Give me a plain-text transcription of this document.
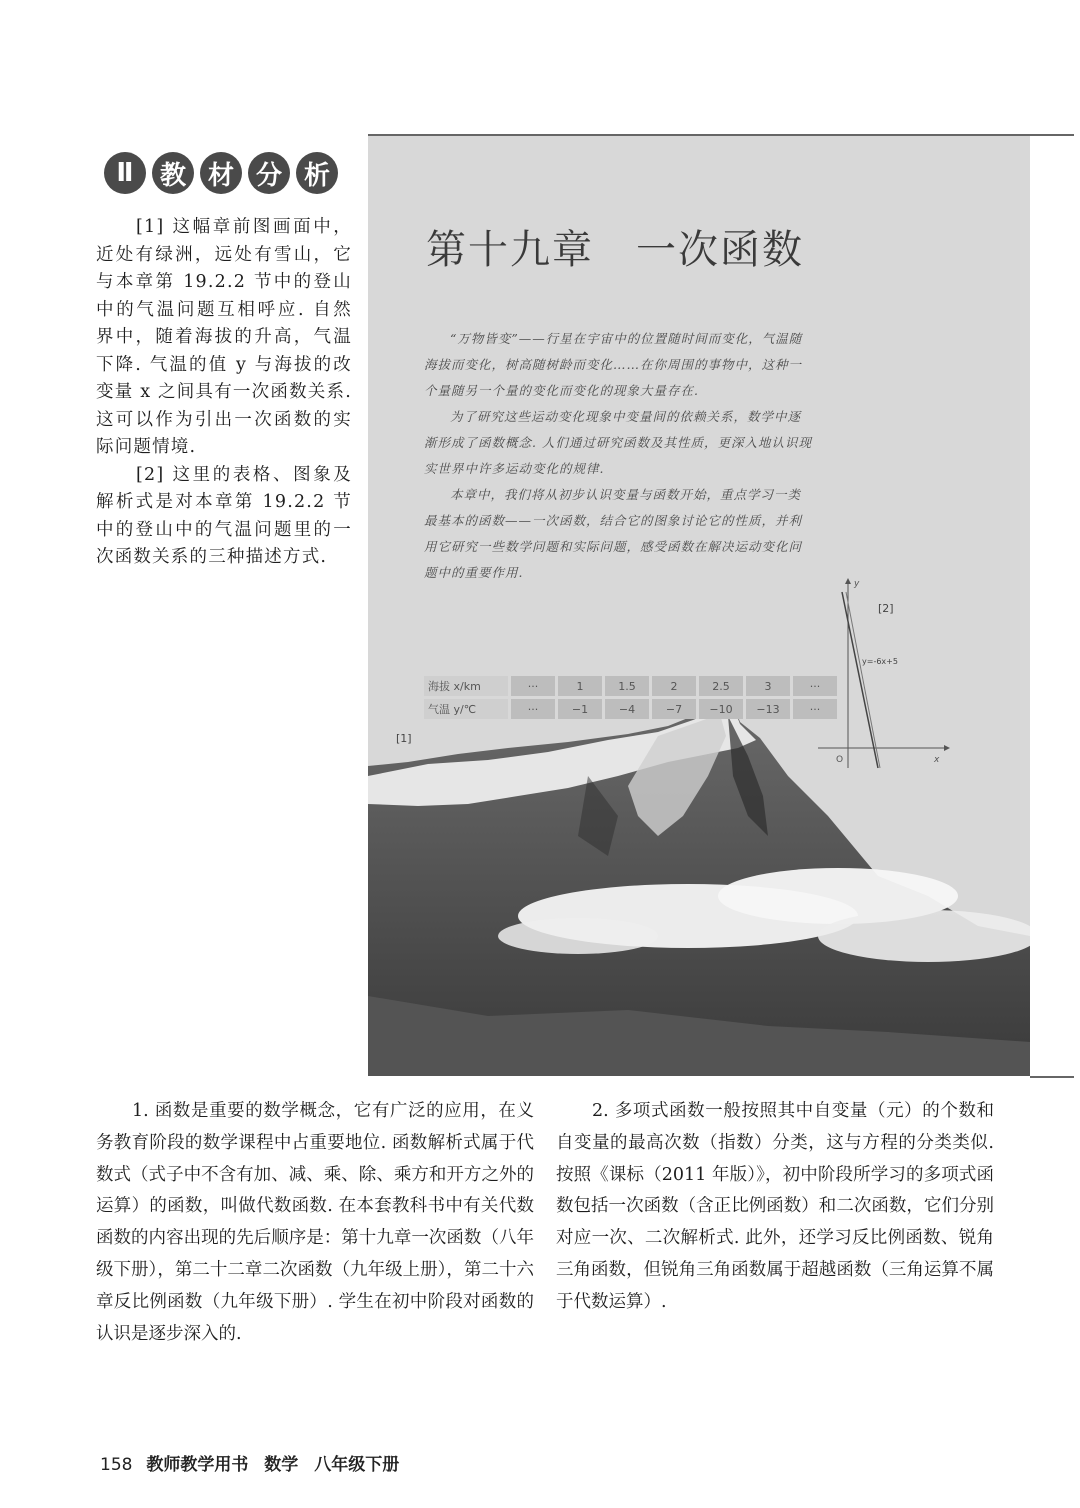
Ⅱ	教 材 分 析

[1] 这幅章前图画面中，近处有绿洲，远处有雪山，它与本章第 19.2.2 节中的登山中的气温问题互相呼应. 自然界中，随着海拔的升高，气温下降. 气温的值 y 与海拔的改变量 x 之间具有一次函数关系. 这可以作为引出一次函数的实际问题情境.

[2] 这里的表格、图象及解析式是对本章第 19.2.2 节中的登山中的气温问题里的一次函数关系的三种描述方式.

第十九章　一次函数

“万物皆变”——行星在宇宙中的位置随时间而变化，气温随海拔而变化，树高随树龄而变化……在你周围的事物中，这种一个量随另一个量的变化而变化的现象大量存在.

为了研究这些运动变化现象中变量间的依赖关系，数学中逐渐形成了函数概念. 人们通过研究函数及其性质，更深入地认识现实世界中许多运动变化的规律.

本章中，我们将从初步认识变量与函数开始，重点学习一类最基本的函数——一次函数，结合它的图象讨论它的性质，并利用它研究一些数学问题和实际问题，感受函数在解决运动变化问题中的重要作用.

海拔 x/km	···	1	1.5	2	2.5	3	···
气温 y/℃	···	−1	−4	−7	−10	−13	···
[1]
[2]
y=-6x+5
y
x
O

1. 函数是重要的数学概念，它有广泛的应用，在义务教育阶段的数学课程中占重要地位. 函数解析式属于代数式（式子中不含有加、减、乘、除、乘方和开方之外的运算）的函数，叫做代数函数. 在本套教科书中有关代数函数的内容出现的先后顺序是：第十九章一次函数（八年级下册），第二十二章二次函数（九年级上册），第二十六章反比例函数（九年级下册）. 学生在初中阶段对函数的认识是逐步深入的.

2. 多项式函数一般按照其中自变量（元）的个数和自变量的最高次数（指数）分类，这与方程的分类类似. 按照《课标（2011 年版）》，初中阶段所学习的多项式函数包括一次函数（含正比例函数）和二次函数，它们分别对应一次、二次解析式. 此外，还学习反比例函数、锐角三角函数，但锐角三角函数属于超越函数（三角运算不属于代数运算）.

158 教师教学用书 数学 八年级下册
